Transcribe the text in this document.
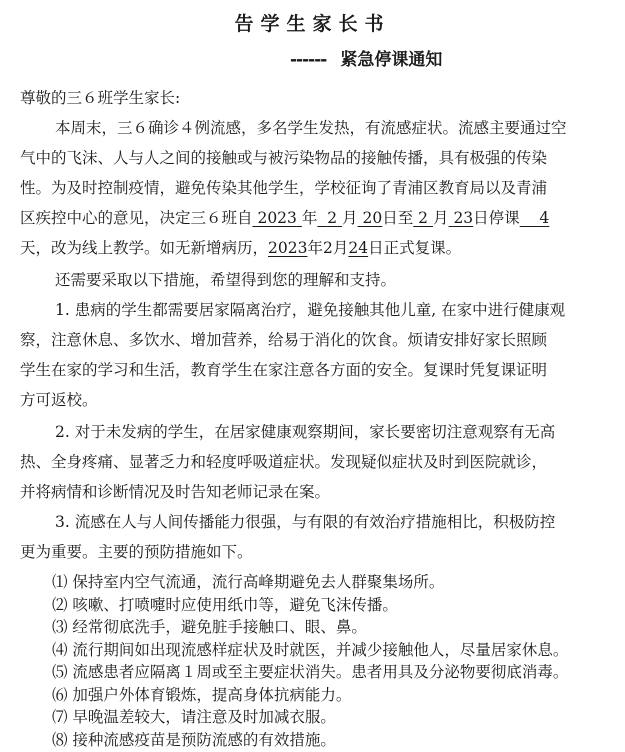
告学生家长书
------ 紧急停课通知
尊敬的三６班学生家长:
本周末，三６确诊４例流感，多名学生发热，有流感症状。流感主要通过空
气中的飞沫、人与人之间的接触或与被污染物品的接触传播，具有极强的传染
性。为及时控制疫情，避免传染其他学生，学校征询了青浦区教育局以及青浦
区疾控中心的意见，决定三６班自 2023 年 2 月 20日至 2 月 23日停课 4
天，改为线上教学。如无新增病历，2023年2月24日正式复课。
还需要采取以下措施，希望得到您的理解和支持。
1. 患病的学生都需要居家隔离治疗，避免接触其他儿童, 在家中进行健康观
察，注意休息、多饮水、增加营养，给易于消化的饮食。烦请安排好家长照顾
学生在家的学习和生活，教育学生在家注意各方面的安全。复课时凭复课证明
方可返校。
2. 对于未发病的学生，在居家健康观察期间，家长要密切注意观察有无高
热、全身疼痛、显著乏力和轻度呼吸道症状。发现疑似症状及时到医院就诊，
并将病情和诊断情况及时告知老师记录在案。
3. 流感在人与人间传播能力很强，与有限的有效治疗措施相比，积极防控
更为重要。主要的预防措施如下。
⑴ 保持室内空气流通，流行高峰期避免去人群聚集场所。
⑵ 咳嗽、打喷嚏时应使用纸巾等，避免飞沫传播。
⑶ 经常彻底洗手，避免脏手接触口、眼、鼻。
⑷ 流行期间如出现流感样症状及时就医，并减少接触他人，尽量居家休息。
⑸ 流感患者应隔离１周或至主要症状消失。患者用具及分泌物要彻底消毒。
⑹ 加强户外体育锻炼，提高身体抗病能力。
⑺ 早晚温差较大，请注意及时加减衣服。
⑻ 接种流感疫苗是预防流感的有效措施。
